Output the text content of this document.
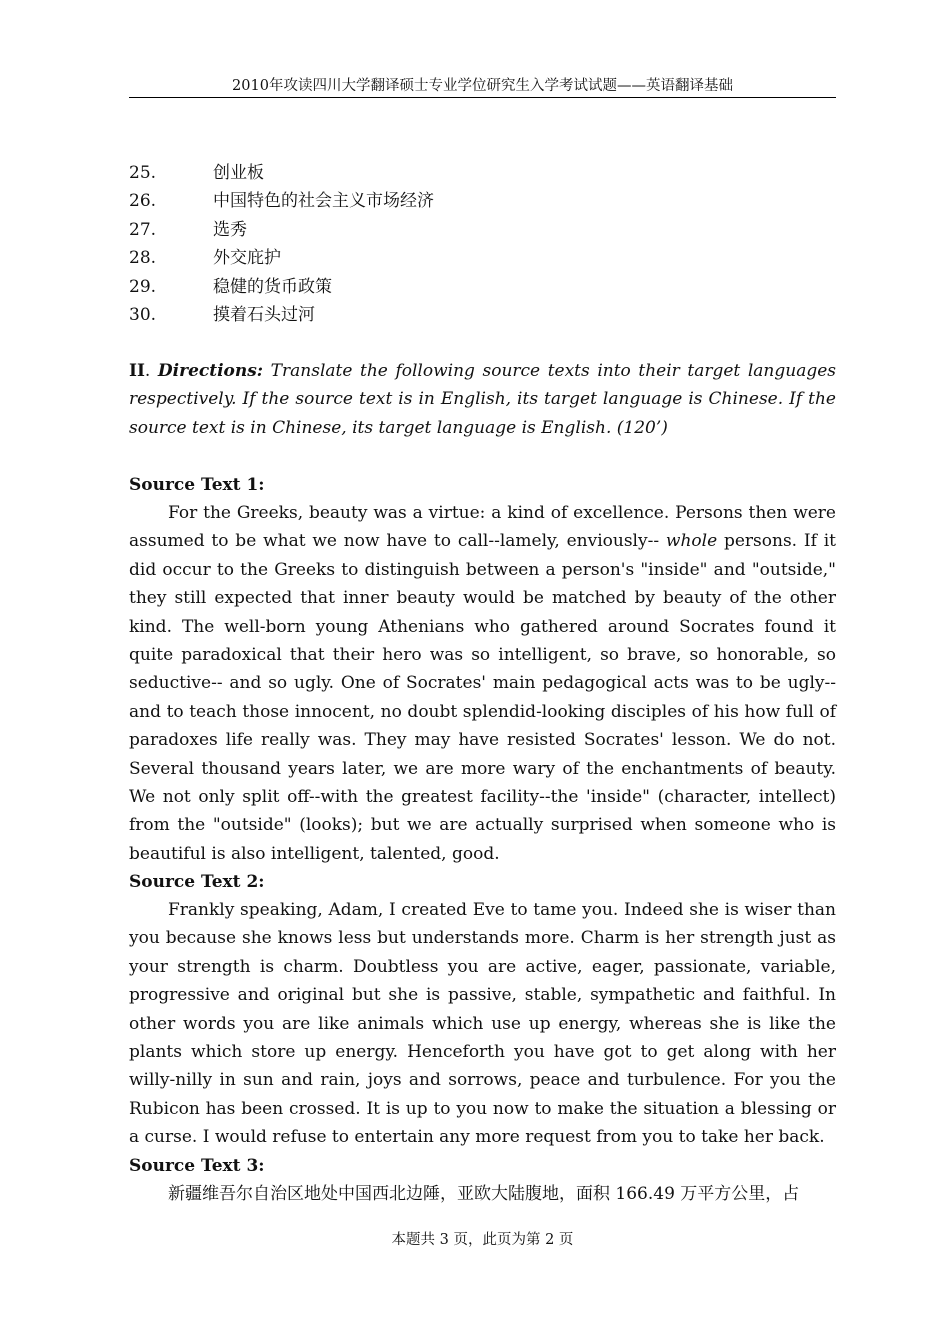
2010年攻读四川大学翻译硕士专业学位研究生入学考试试题——英语翻译基础
25.	创业板
26.	中国特色的社会主义市场经济
27.	选秀
28.	外交庇护
29.	稳健的货币政策
30.	摸着石头过河

II. Directions: Translate the following source texts into their target languages respectively. If the source text is in English, its target language is Chinese. If the source text is in Chinese, its target language is English. (120’)

Source Text 1:

For the Greeks, beauty was a virtue: a kind of excellence. Persons then were assumed to be what we now have to call--lamely, enviously-- whole persons. If it did occur to the Greeks to distinguish between a person's "inside" and "outside," they still expected that inner beauty would be matched by beauty of the other kind. The well-born young Athenians who gathered around Socrates found it quite paradoxical that their hero was so intelligent, so brave, so honorable, so seductive-- and so ugly. One of Socrates' main pedagogical acts was to be ugly-- and to teach those innocent, no doubt splendid-looking disciples of his how full of paradoxes life really was. They may have resisted Socrates' lesson. We do not. Several thousand years later, we are more wary of the enchantments of beauty. We not only split off--with the greatest facility--the 'inside" (character, intellect) from the "outside" (looks); but we are actually surprised when someone who is beautiful is also intelligent, talented, good.

Source Text 2:

Frankly speaking, Adam, I created Eve to tame you. Indeed she is wiser than you because she knows less but understands more. Charm is her strength just as your strength is charm. Doubtless you are active, eager, passionate, variable, progressive and original but she is passive, stable, sympathetic and faithful. In other words you are like animals which use up energy, whereas she is like the plants which store up energy. Henceforth you have got to get along with her willy-nilly in sun and rain, joys and sorrows, peace and turbulence. For you the Rubicon has been crossed. It is up to you now to make the situation a blessing or a curse. I would refuse to entertain any more request from you to take her back.

Source Text 3:

新疆维吾尔自治区地处中国西北边陲，亚欧大陆腹地，面积 166.49 万平方公里，占

本题共 3 页，此页为第 2 页
